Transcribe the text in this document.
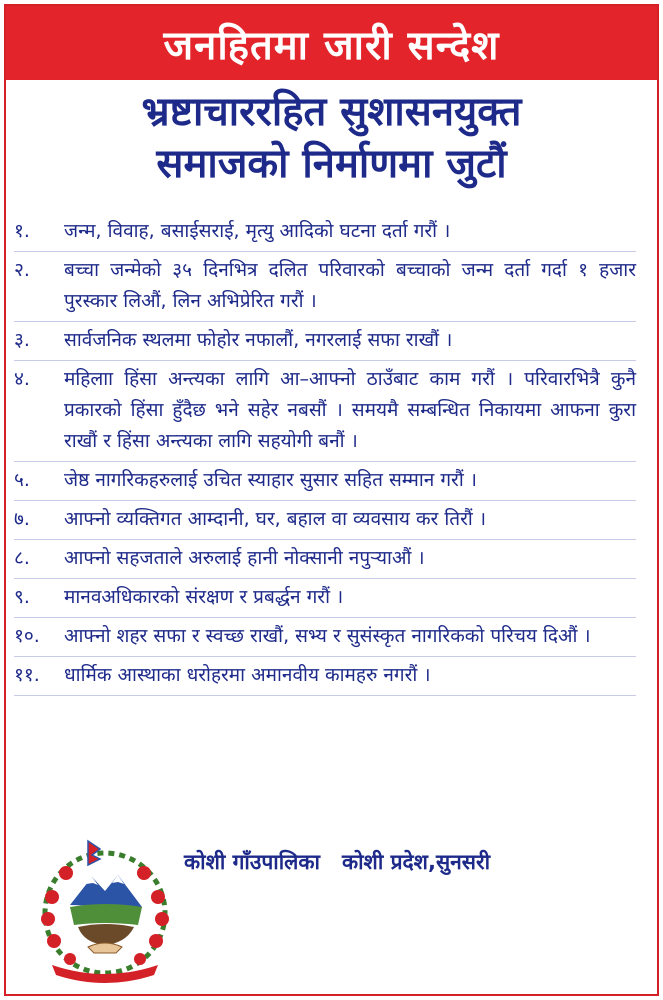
जनहितमा जारी सन्देश
भ्रष्टाचाररहित सुशासनयुक्त
समाजको निर्माणमा जुटौं
१.	जन्म, विवाह, बसाईसराई, मृत्यु आदिको घटना दर्ता गरौं ।
२.	बच्चा जन्मेको ३५ दिनभित्र दलित परिवारको बच्चाको जन्म दर्ता गर्दा १ हजार पुरस्कार लिऔं, लिन अभिप्रेरित गरौं ।
३.	सार्वजनिक स्थलमा फोहोर नफालौं, नगरलाई सफा राखौं ।
४.	महिलाा हिंसा अन्त्यका लागि आ–आफ्नो ठाउँबाट काम गरौं । परिवारभित्रै कुनै प्रकारको हिंसा हुँदैछ भने सहेर नबसौं । समयमै सम्बन्धित निकायमा आफना कुरा राखौं र हिंसा अन्त्यका लागि सहयोगी बनौं ।
५.	जेष्ठ नागरिकहरुलाई उचित स्याहार सुसार सहित सम्मान गरौं ।
७.	आफ्नो व्यक्तिगत आम्दानी, घर, बहाल वा व्यवसाय कर तिरौं ।
८.	आफ्नो सहजताले अरुलाई हानी नोक्सानी नपुऱ्याऔं ।
९.	मानवअधिकारको संरक्षण र प्रबर्द्धन गरौं ।
१०.	आफ्नो शहर सफा र स्वच्छ राखौं, सभ्य र सुसंस्कृत नागरिकको परिचय दिऔं ।
११.	धार्मिक आस्थाका धरोहरमा अमानवीय कामहरु नगरौं ।
कोशी गाँउपालिका कोशी प्रदेश,सुनसरी
